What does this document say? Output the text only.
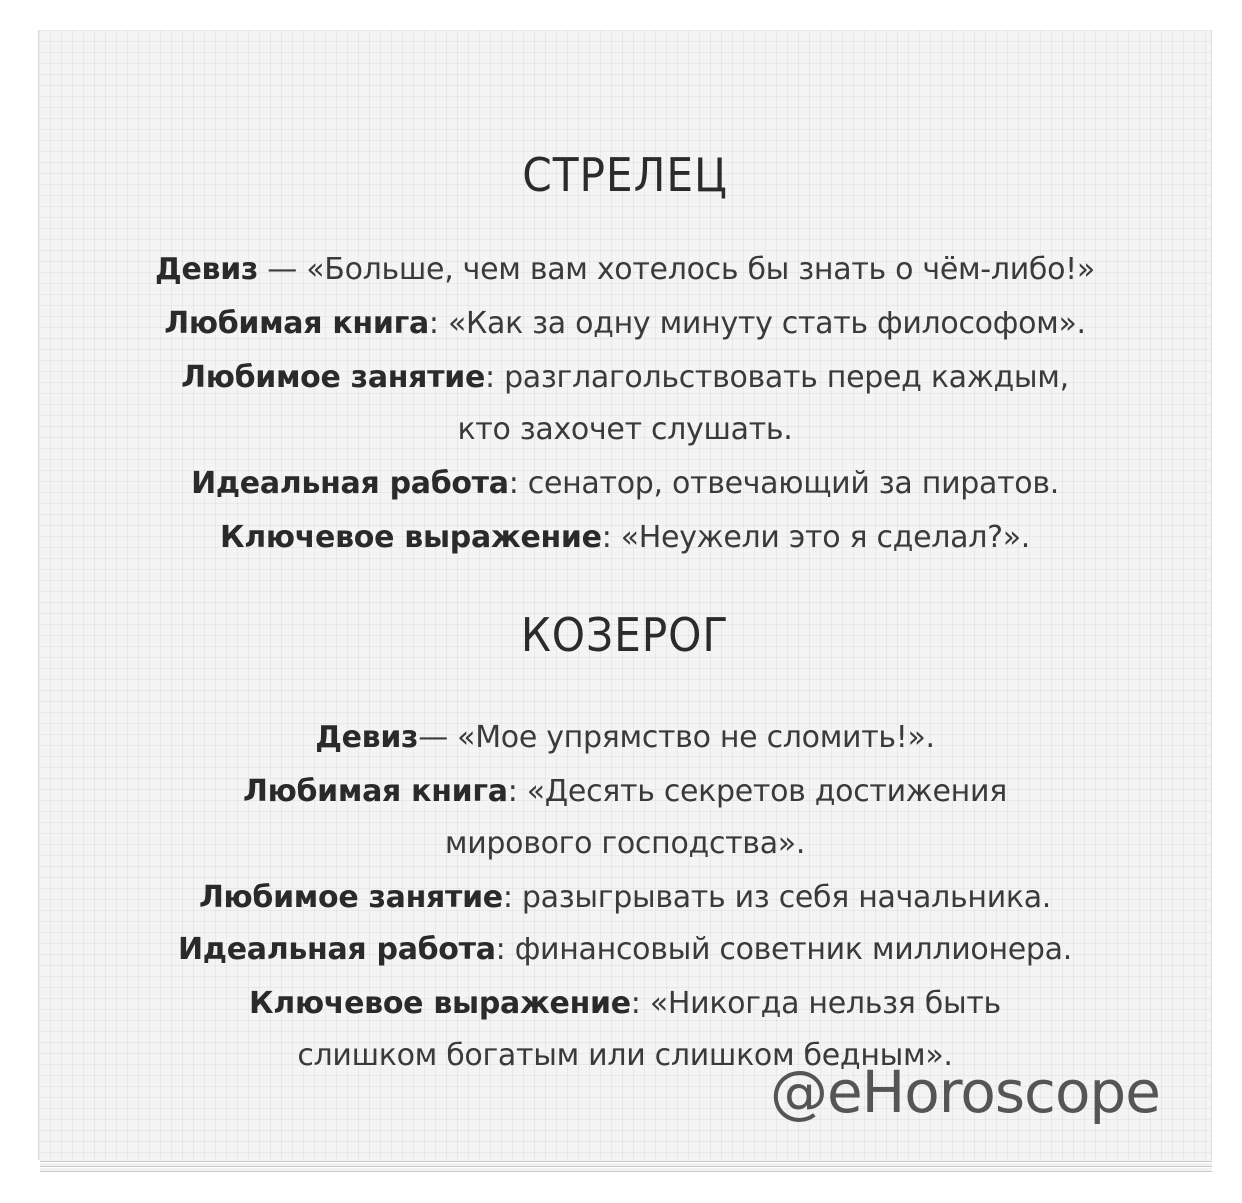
СТРЕЛЕЦ
Девиз — «Больше, чем вам хотелось бы знать о чём-либо!»
Любимая книга: «Как за одну минуту стать философом».
Любимое занятие: разглагольствовать перед каждым,
кто захочет слушать.
Идеальная работа: сенатор, отвечающий за пиратов.
Ключевое выражение: «Неужели это я сделал?».
КОЗЕРОГ
Девиз— «Мое упрямство не сломить!».
Любимая книга: «Десять секретов достижения
мирового господства».
Любимое занятие: разыгрывать из себя начальника.
Идеальная работа: финансовый советник миллионера.
Ключевое выражение: «Никогда нельзя быть
слишком богатым или слишком бедным».
@eHoroscope
